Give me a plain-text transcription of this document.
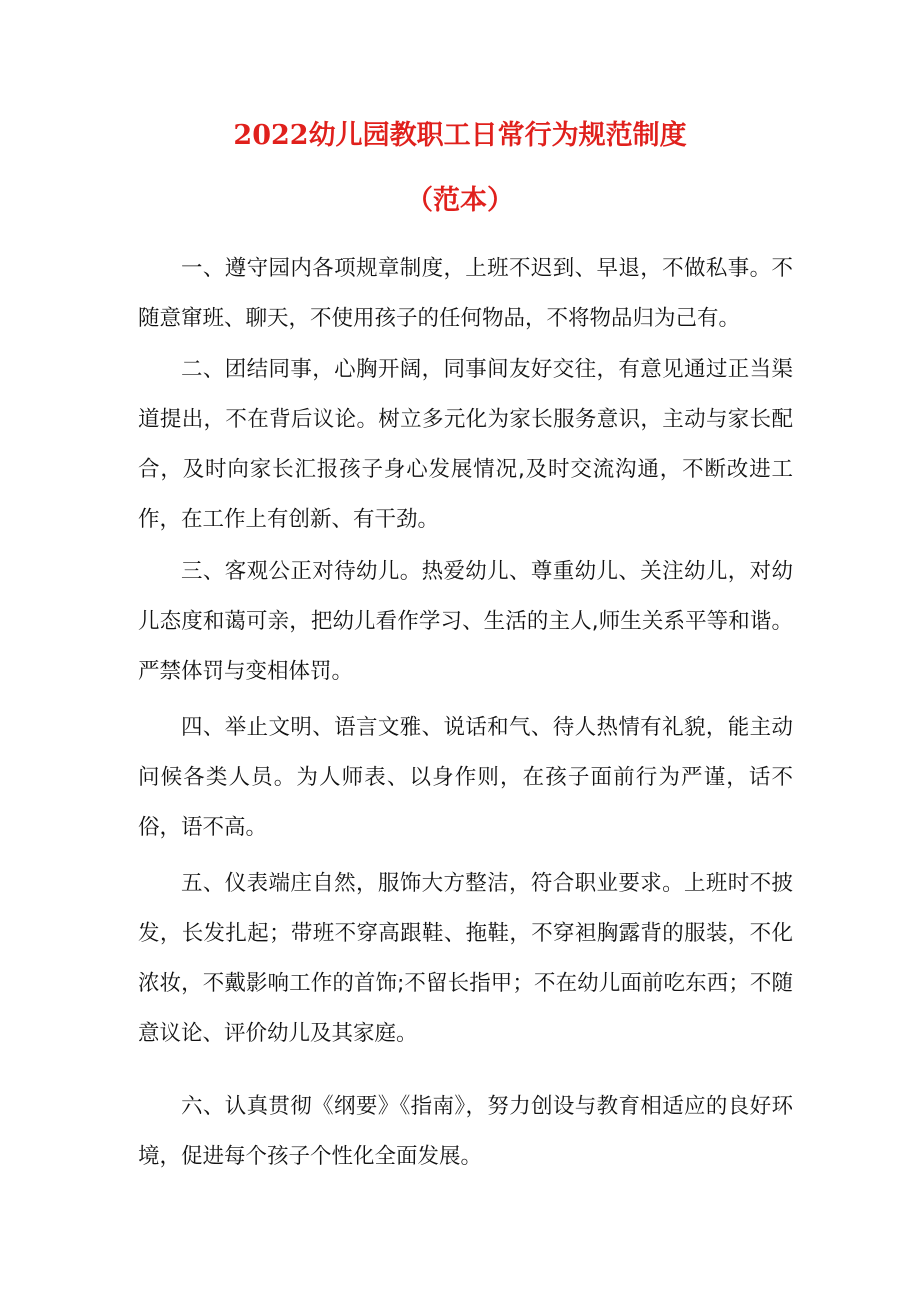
2022幼儿园教职工日常行为规范制度
（范本）

一、遵守园内各项规章制度，上班不迟到、早退，不做私事。不随意窜班、聊天，不使用孩子的任何物品，不将物品归为己有。

二、团结同事，心胸开阔，同事间友好交往，有意见通过正当渠道提出，不在背后议论。树立多元化为家长服务意识，主动与家长配合，及时向家长汇报孩子身心发展情况,及时交流沟通，不断改进工作，在工作上有创新、有干劲。

三、客观公正对待幼儿。热爱幼儿、尊重幼儿、关注幼儿，对幼儿态度和蔼可亲，把幼儿看作学习、生活的主人,师生关系平等和谐。严禁体罚与变相体罚。

四、举止文明、语言文雅、说话和气、待人热情有礼貌，能主动问候各类人员。为人师表、以身作则，在孩子面前行为严谨，话不俗，语不高。

五、仪表端庄自然，服饰大方整洁，符合职业要求。上班时不披发，长发扎起；带班不穿高跟鞋、拖鞋，不穿袒胸露背的服装，不化浓妆，不戴影响工作的首饰;不留长指甲；不在幼儿面前吃东西；不随意议论、评价幼儿及其家庭。

六、认真贯彻《纲要》《指南》，努力创设与教育相适应的良好环境，促进每个孩子个性化全面发展。
